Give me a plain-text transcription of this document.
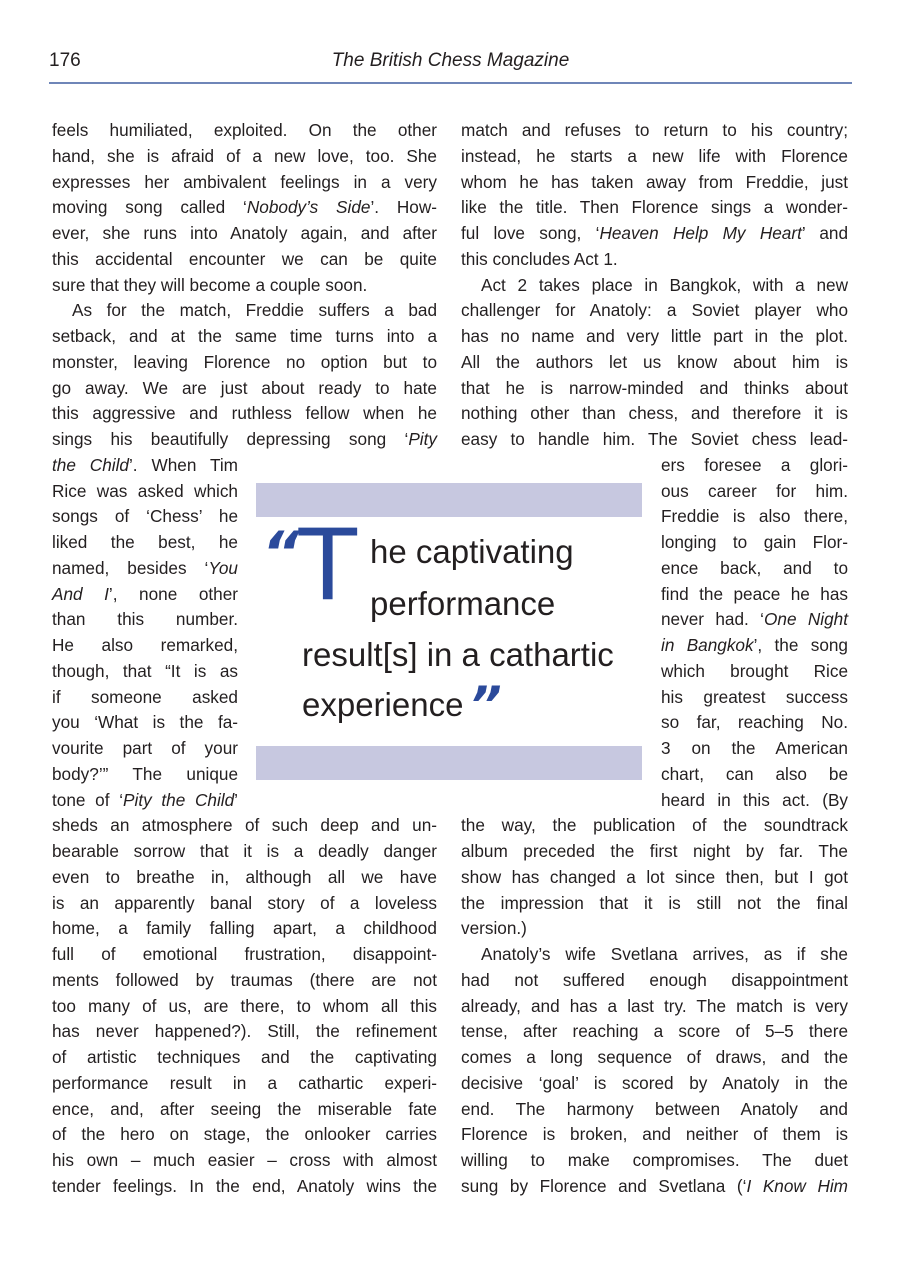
176	The British Chess Magazine
feels humiliated, exploited. On the other
hand, she is afraid of a new love, too. She
expresses her ambivalent feelings in a very
moving song called ‘Nobody’s Side’. How-
ever, she runs into Anatoly again, and after
this accidental encounter we can be quite
sure that they will become a couple soon.
As for the match, Freddie suffers a bad
setback, and at the same time turns into a
monster, leaving Florence no option but to
go away. We are just about ready to hate
this aggressive and ruthless fellow when he
sings his beautifully depressing song ‘Pity
the Child’. When Tim
Rice was asked which
songs of ‘Chess’ he
liked the best, he
named, besides ‘You
And I’, none other
than this number.
He also remarked,
though, that “It is as
if someone asked
you ‘What is the fa-
vourite part of your
body?’” The unique
tone of ‘Pity the Child’
sheds an atmosphere of such deep and un-
bearable sorrow that it is a deadly danger
even to breathe in, although all we have
is an apparently banal story of a loveless
home, a family falling apart, a childhood
full of emotional frustration, disappoint-
ments followed by traumas (there are not
too many of us, are there, to whom all this
has never happened?). Still, the refinement
of artistic techniques and the captivating
performance result in a cathartic experi-
ence, and, after seeing the miserable fate
of the hero on stage, the onlooker carries
his own – much easier – cross with almost
tender feelings. In the end, Anatoly wins the
match and refuses to return to his country;
instead, he starts a new life with Florence
whom he has taken away from Freddie, just
like the title. Then Florence sings a wonder-
ful love song, ‘Heaven Help My Heart’ and
this concludes Act 1.
Act 2 takes place in Bangkok, with a new
challenger for Anatoly: a Soviet player who
has no name and very little part in the plot.
All the authors let us know about him is
that he is narrow-minded and thinks about
nothing other than chess, and therefore it is
easy to handle him. The Soviet chess lead-
ers foresee a glori-
ous career for him.
Freddie is also there,
longing to gain Flor-
ence back, and to
find the peace he has
never had. ‘One Night
in Bangkok’, the song
which brought Rice
his greatest success
so far, reaching No.
3 on the American
chart, can also be
heard in this act. (By
the way, the publication of the soundtrack
album preceded the first night by far. The
show has changed a lot since then, but I got
the impression that it is still not the final
version.)
Anatoly’s wife Svetlana arrives, as if she
had not suffered enough disappointment
already, and has a last try. The match is very
tense, after reaching a score of 5–5 there
comes a long sequence of draws, and the
decisive ‘goal’ is scored by Anatoly in the
end. The harmony between Anatoly and
Florence is broken, and neither of them is
willing to make compromises. The duet
sung by Florence and Svetlana (‘I Know Him
“
T he captivating
performance
result[s] in a cathartic
experience ”
